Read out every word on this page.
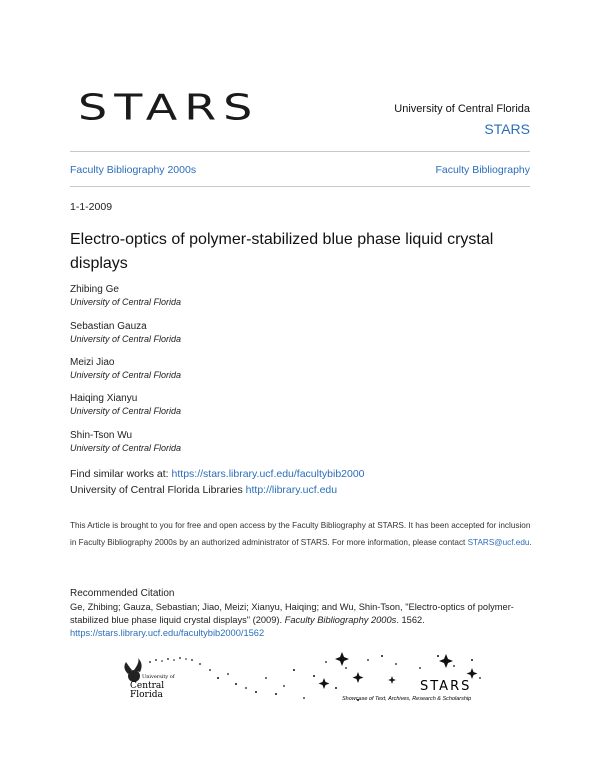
STARS	University of Central Florida
STARS
Faculty Bibliography 2000s	Faculty Bibliography
1-1-2009
Electro-optics of polymer-stabilized blue phase liquid crystal displays
Zhibing Ge
University of Central Florida
Sebastian Gauza
University of Central Florida
Meizi Jiao
University of Central Florida
Haiqing Xianyu
University of Central Florida
Shin-Tson Wu
University of Central Florida
Find similar works at: https://stars.library.ucf.edu/facultybib2000
University of Central Florida Libraries http://library.ucf.edu
This Article is brought to you for free and open access by the Faculty Bibliography at STARS. It has been accepted for inclusion in Faculty Bibliography 2000s by an authorized administrator of STARS. For more information, please contact STARS@ucf.edu.
Recommended Citation
Ge, Zhibing; Gauza, Sebastian; Jiao, Meizi; Xianyu, Haiqing; and Wu, Shin-Tson, "Electro-optics of polymer-stabilized blue phase liquid crystal displays" (2009). Faculty Bibliography 2000s. 1562.
https://stars.library.ucf.edu/facultybib2000/1562
University of
Central
Florida
STARS
Showcase of Text, Archives, Research & Scholarship
